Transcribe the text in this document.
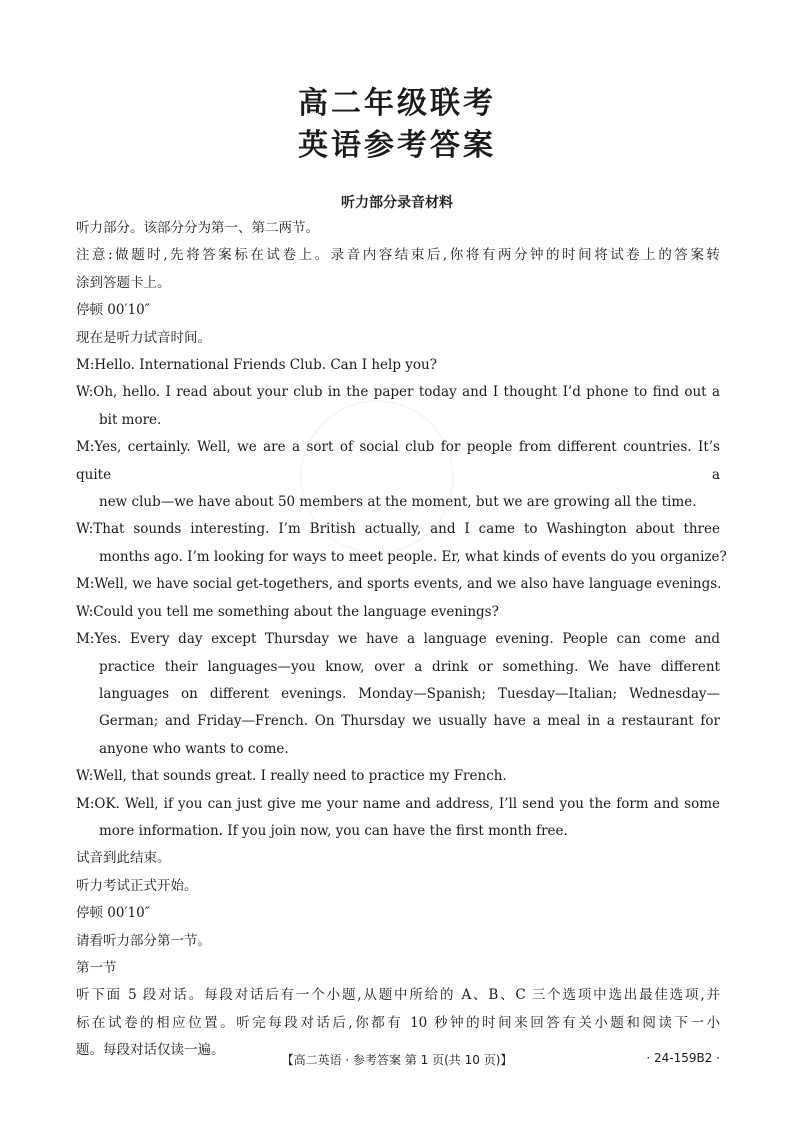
高二年级联考
英语参考答案
听力部分录音材料

听力部分。该部分分为第一、第二两节。

注意:做题时,先将答案标在试卷上。录音内容结束后,你将有两分钟的时间将试卷上的答案转

涂到答题卡上。

停顿 00′10″

现在是听力试音时间。

M:Hello. International Friends Club. Can I help you?

W:Oh, hello. I read about your club in the paper today and I thought I’d phone to find out a

bit more.

M:Yes, certainly. Well, we are a sort of social club for people from different countries. It’s quite a

new club—we have about 50 members at the moment, but we are growing all the time.

W:That sounds interesting. I’m British actually, and I came to Washington about three

months ago. I’m looking for ways to meet people. Er, what kinds of events do you organize?

M:Well, we have social get-togethers, and sports events, and we also have language evenings.

W:Could you tell me something about the language evenings?

M:Yes. Every day except Thursday we have a language evening. People can come and

practice their languages—you know, over a drink or something. We have different

languages on different evenings. Monday—Spanish; Tuesday—Italian; Wednesday—

German; and Friday—French. On Thursday we usually have a meal in a restaurant for

anyone who wants to come.

W:Well, that sounds great. I really need to practice my French.

M:OK. Well, if you can just give me your name and address, I’ll send you the form and some

more information. If you join now, you can have the first month free.

试音到此结束。

听力考试正式开始。

停顿 00′10″

请看听力部分第一节。

第一节

听下面 5 段对话。每段对话后有一个小题,从题中所给的 A、B、C 三个选项中选出最佳选项,并

标在试卷的相应位置。听完每段对话后,你都有 10 秒钟的时间来回答有关小题和阅读下一小

题。每段对话仅读一遍。

【高二英语 · 参考答案 第 1 页(共 10 页)】	· 24-159B2 ·
